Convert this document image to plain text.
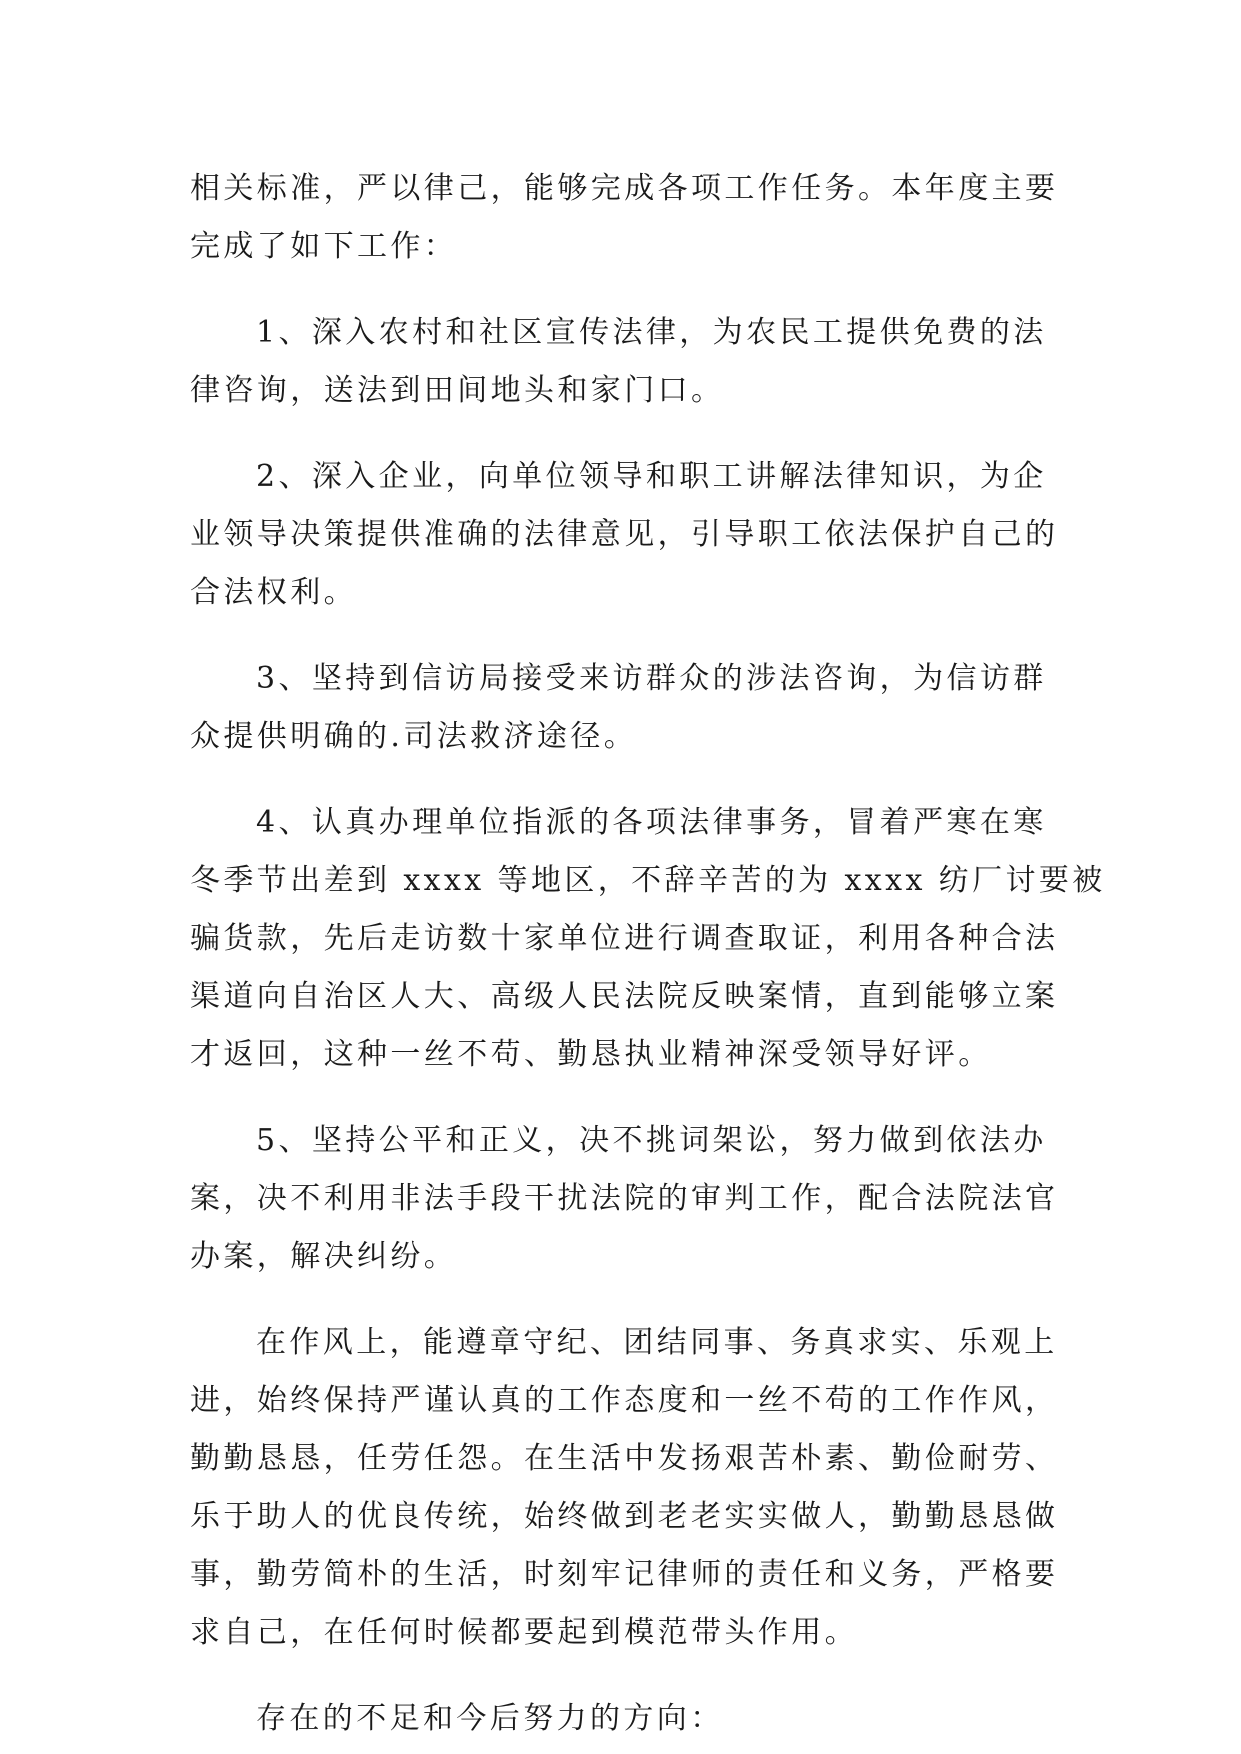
相关标准，严以律己，能够完成各项工作任务。本年度主要
完成了如下工作：
1、深入农村和社区宣传法律，为农民工提供免费的法
律咨询，送法到田间地头和家门口。
2、深入企业，向单位领导和职工讲解法律知识，为企
业领导决策提供准确的法律意见，引导职工依法保护自己的
合法权利。
3、坚持到信访局接受来访群众的涉法咨询，为信访群
众提供明确的.司法救济途径。
4、认真办理单位指派的各项法律事务，冒着严寒在寒
冬季节出差到 xxxx 等地区，不辞辛苦的为 xxxx 纺厂讨要被
骗货款，先后走访数十家单位进行调查取证，利用各种合法
渠道向自治区人大、高级人民法院反映案情，直到能够立案
才返回，这种一丝不苟、勤恳执业精神深受领导好评。
5、坚持公平和正义，决不挑词架讼，努力做到依法办
案，决不利用非法手段干扰法院的审判工作，配合法院法官
办案，解决纠纷。
在作风上，能遵章守纪、团结同事、务真求实、乐观上
进，始终保持严谨认真的工作态度和一丝不苟的工作作风，
勤勤恳恳，任劳任怨。在生活中发扬艰苦朴素、勤俭耐劳、
乐于助人的优良传统，始终做到老老实实做人，勤勤恳恳做
事，勤劳简朴的生活，时刻牢记律师的责任和义务，严格要
求自己，在任何时候都要起到模范带头作用。
存在的不足和今后努力的方向：
